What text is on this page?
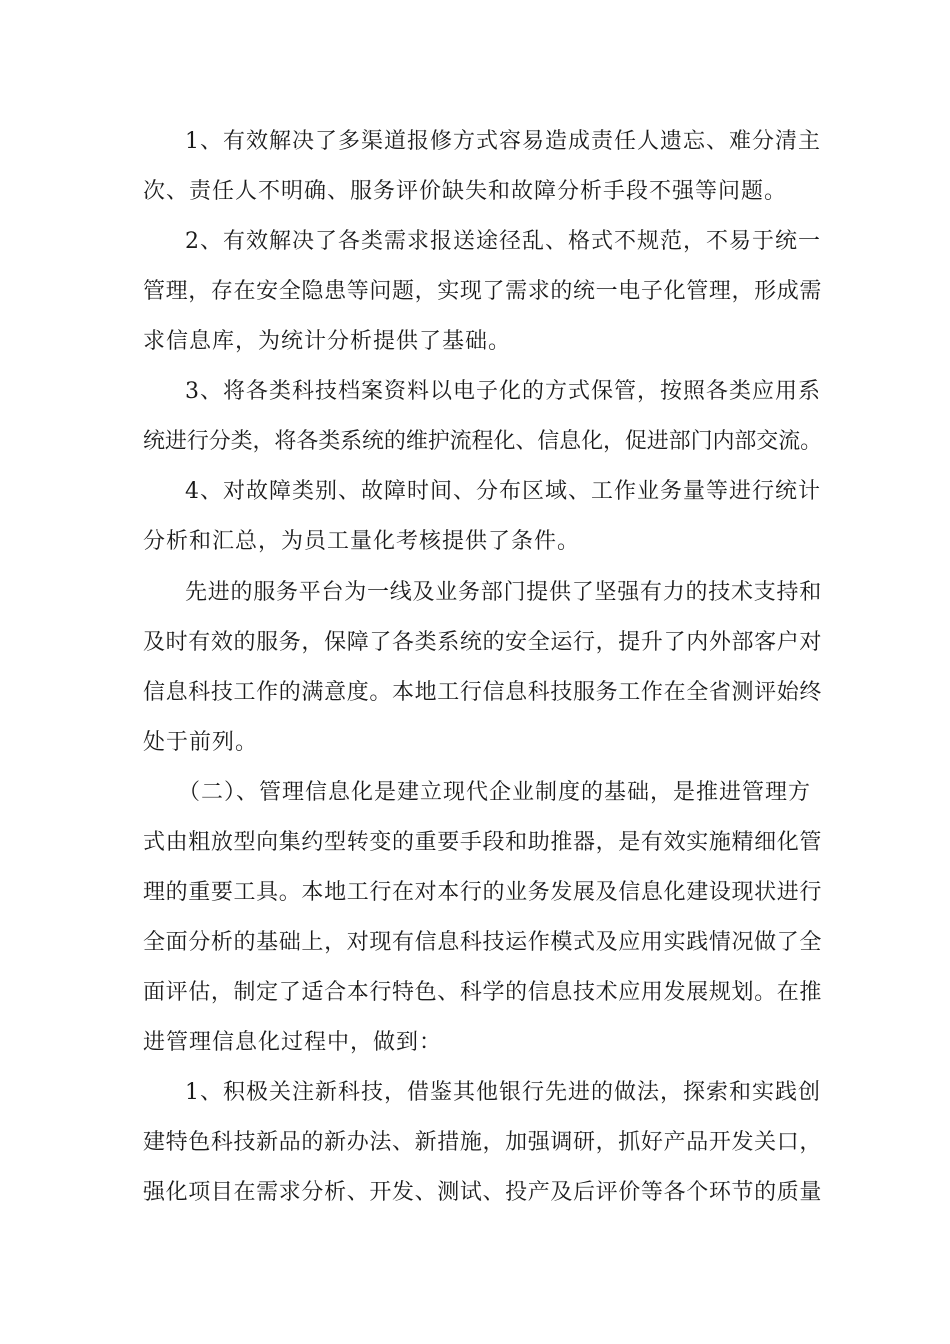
1、有效解决了多渠道报修方式容易造成责任人遗忘、难分清主
次、责任人不明确、服务评价缺失和故障分析手段不强等问题。
2、有效解决了各类需求报送途径乱、格式不规范，不易于统一
管理，存在安全隐患等问题，实现了需求的统一电子化管理，形成需
求信息库，为统计分析提供了基础。
3、将各类科技档案资料以电子化的方式保管，按照各类应用系
统进行分类，将各类系统的维护流程化、信息化，促进部门内部交流。
4、对故障类别、故障时间、分布区域、工作业务量等进行统计
分析和汇总，为员工量化考核提供了条件。
先进的服务平台为一线及业务部门提供了坚强有力的技术支持和
及时有效的服务，保障了各类系统的安全运行，提升了内外部客户对
信息科技工作的满意度。本地工行信息科技服务工作在全省测评始终
处于前列。
（二）、管理信息化是建立现代企业制度的基础，是推进管理方
式由粗放型向集约型转变的重要手段和助推器，是有效实施精细化管
理的重要工具。本地工行在对本行的业务发展及信息化建设现状进行
全面分析的基础上，对现有信息科技运作模式及应用实践情况做了全
面评估，制定了适合本行特色、科学的信息技术应用发展规划。在推
进管理信息化过程中，做到：
1、积极关注新科技，借鉴其他银行先进的做法，探索和实践创
建特色科技新品的新办法、新措施，加强调研，抓好产品开发关口，
强化项目在需求分析、开发、测试、投产及后评价等各个环节的质量
